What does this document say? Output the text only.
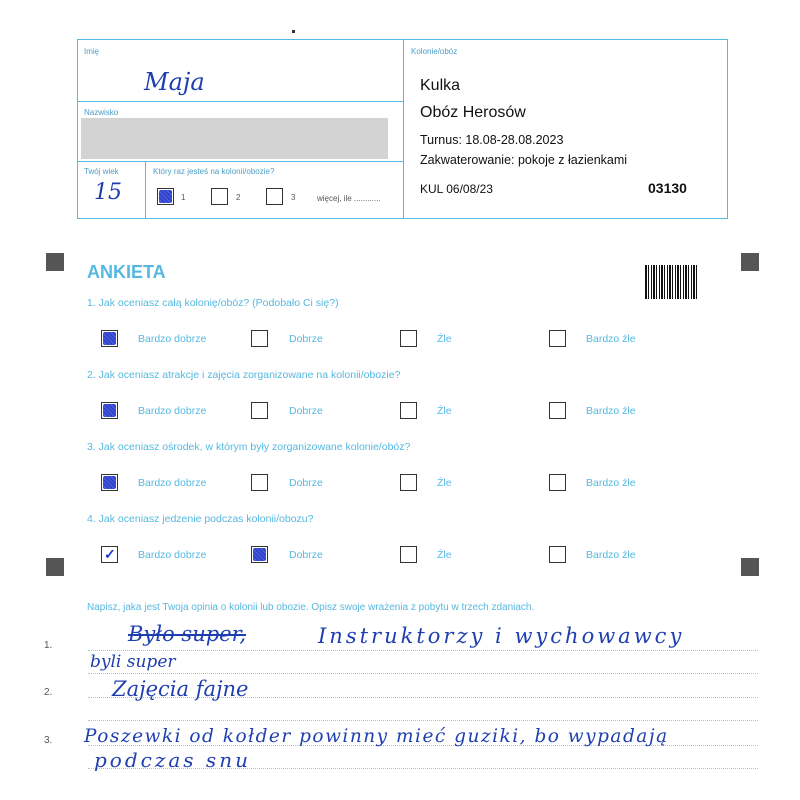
Imię
Maja
Nazwisko
Twój wiek
15
Który raz jesteś na kolonii/obozie?
1	2	3	więcej, ile ............
Kolonie/obóz
Kulka
Obóz Herosów
Turnus: 18.08-28.08.2023
Zakwaterowanie: pokoje z łazienkami
KUL 06/08/23	03130
ANKIETA
1. Jak oceniasz całą kolonię/obóz? (Podobało Ci się?)
Bardzo dobrze	Dobrze	Źle	Bardzo źle
2. Jak oceniasz atrakcje i zajęcia zorganizowane na kolonii/obozie?
Bardzo dobrze	Dobrze	Źle	Bardzo źle
3. Jak oceniasz ośrodek, w którym były zorganizowane kolonie/obóz?
Bardzo dobrze	Dobrze	Źle	Bardzo źle
4. Jak oceniasz jedzenie podczas kolonii/obozu?
✓ Bardzo dobrze	Dobrze	Źle	Bardzo źle
Napisz, jaka jest Twoja opinia o kolonii lub obozie. Opisz swoje wrażenia z pobytu w trzech zdaniach.
1.
2.
3.
Było super,	Instruktorzy i wychowawcy
byli super
Zajęcia fajne
Poszewki od kołder powinny mieć guziki, bo wypadają
podczas snu
